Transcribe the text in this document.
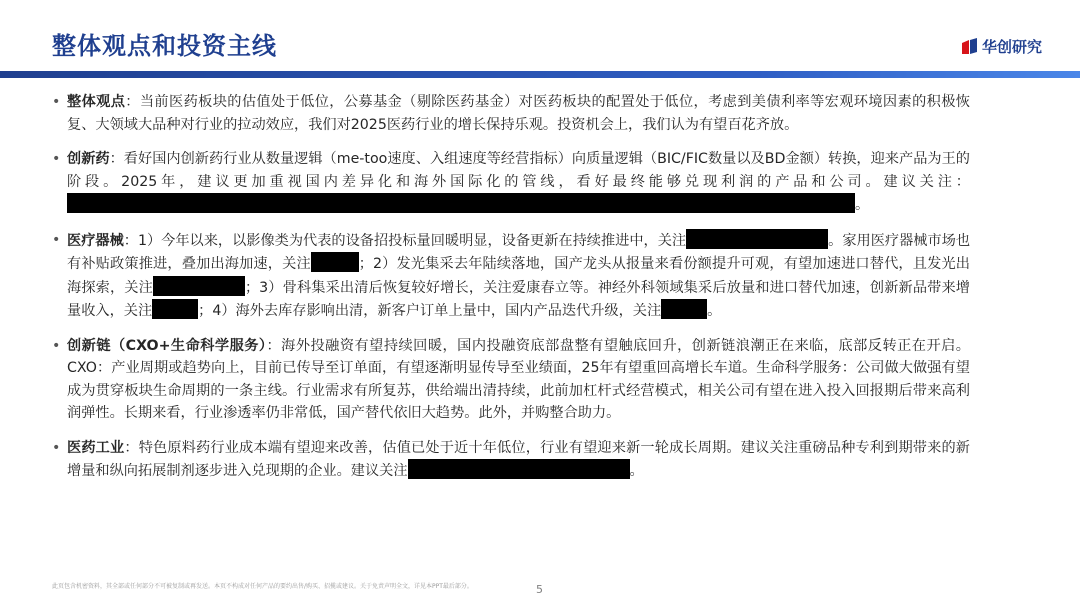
整体观点和投资主线	华创研究
• 整体观点：当前医药板块的估值处于低位，公募基金（剔除医药基金）对医药板块的配置处于低位，考虑到美债利率等宏观环境因素的积极恢复、大领域大品种对行业的拉动效应，我们对2025医药行业的增长保持乐观。投资机会上，我们认为有望百花齐放。
• 创新药：看好国内创新药行业从数量逻辑（me-too速度、入组速度等经营指标）向质量逻辑（BIC/FIC数量以及BD金额）转换，迎来产品为王的阶段。2025年，建议更加重视国内差异化和海外国际化的管线，看好最终能够兑现利润的产品和公司。建议关注：。
• 医疗器械：1）今年以来，以影像类为代表的设备招投标量回暖明显，设备更新在持续推进中，关注	。家用医疗器械市场也有补贴政策推进，叠加出海加速，关注	；2）发光集采去年陆续落地，国产龙头从报量来看份额提升可观，有望加速进口替代，且发光出海探索，关注	；3）骨科集采出清后恢复较好增长，关注爱康春立等。神经外科领域集采后放量和进口替代加速，创新新品带来增量收入，关注	；4）海外去库存影响出清，新客户订单上量中，国内产品迭代升级，关注	。
• 创新链（CXO+生命科学服务）：海外投融资有望持续回暖，国内投融资底部盘整有望触底回升，创新链浪潮正在来临，底部反转正在开启。CXO：产业周期或趋势向上，目前已传导至订单面，有望逐渐明显传导至业绩面，25年有望重回高增长车道。生命科学服务：公司做大做强有望成为贯穿板块生命周期的一条主线。行业需求有所复苏，供给端出清持续，此前加杠杆式经营模式，相关公司有望在进入投入回报期后带来高利润弹性。长期来看，行业渗透率仍非常低，国产替代依旧大趋势。此外，并购整合助力。
• 医药工业：特色原料药行业成本端有望迎来改善，估值已处于近十年低位，行业有望迎来新一轮成长周期。建议关注重磅品种专利到期带来的新增量和纵向拓展制剂逐步进入兑现期的企业。建议关注	。
此页包含机密资料，其全部或任何部分不可被复制或再发送。本页不构成对任何产品的要约出售/购买、招揽或建议。关于免责声明全文，详见本PPT最后部分。	5
